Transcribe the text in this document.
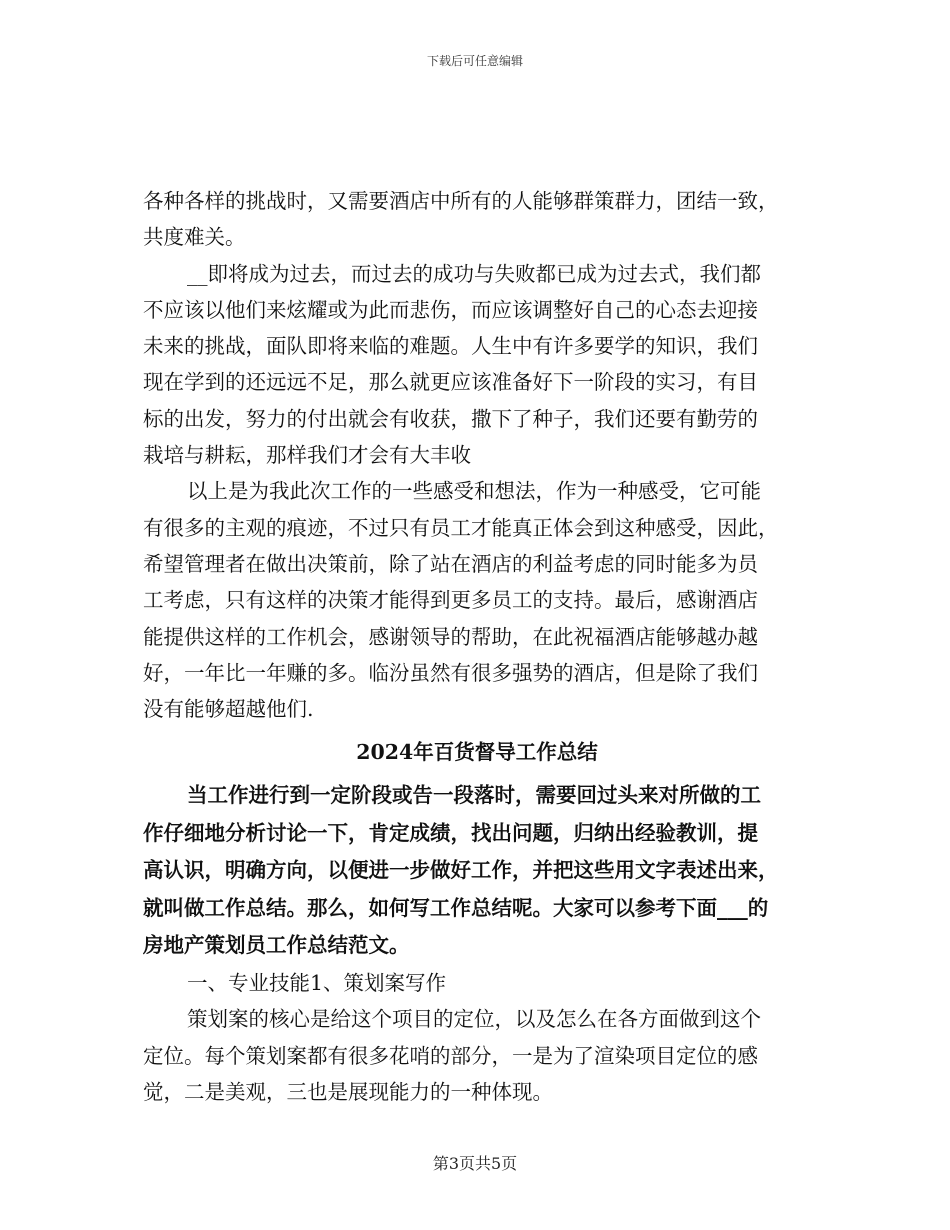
下载后可任意编辑
各种各样的挑战时，又需要酒店中所有的人能够群策群力，团结一致，
共度难关。
__即将成为过去，而过去的成功与失败都已成为过去式，我们都
不应该以他们来炫耀或为此而悲伤，而应该调整好自己的心态去迎接
未来的挑战，面队即将来临的难题。人生中有许多要学的知识，我们
现在学到的还远远不足，那么就更应该准备好下一阶段的实习，有目
标的出发，努力的付出就会有收获，撒下了种子，我们还要有勤劳的
栽培与耕耘，那样我们才会有大丰收
以上是为我此次工作的一些感受和想法，作为一种感受，它可能
有很多的主观的痕迹，不过只有员工才能真正体会到这种感受，因此，
希望管理者在做出决策前，除了站在酒店的利益考虑的同时能多为员
工考虑，只有这样的决策才能得到更多员工的支持。最后，感谢酒店
能提供这样的工作机会，感谢领导的帮助，在此祝福酒店能够越办越
好，一年比一年赚的多。临汾虽然有很多强势的酒店，但是除了我们
没有能够超越他们.
2024年百货督导工作总结
当工作进行到一定阶段或告一段落时，需要回过头来对所做的工
作仔细地分析讨论一下，肯定成绩，找出问题，归纳出经验教训，提
高认识，明确方向，以便进一步做好工作，并把这些用文字表述出来，
就叫做工作总结。那么，如何写工作总结呢。大家可以参考下面___的
房地产策划员工作总结范文。
一、专业技能1、策划案写作
策划案的核心是给这个项目的定位，以及怎么在各方面做到这个
定位。每个策划案都有很多花哨的部分，一是为了渲染项目定位的感
觉，二是美观，三也是展现能力的一种体现。
第3页共5页
